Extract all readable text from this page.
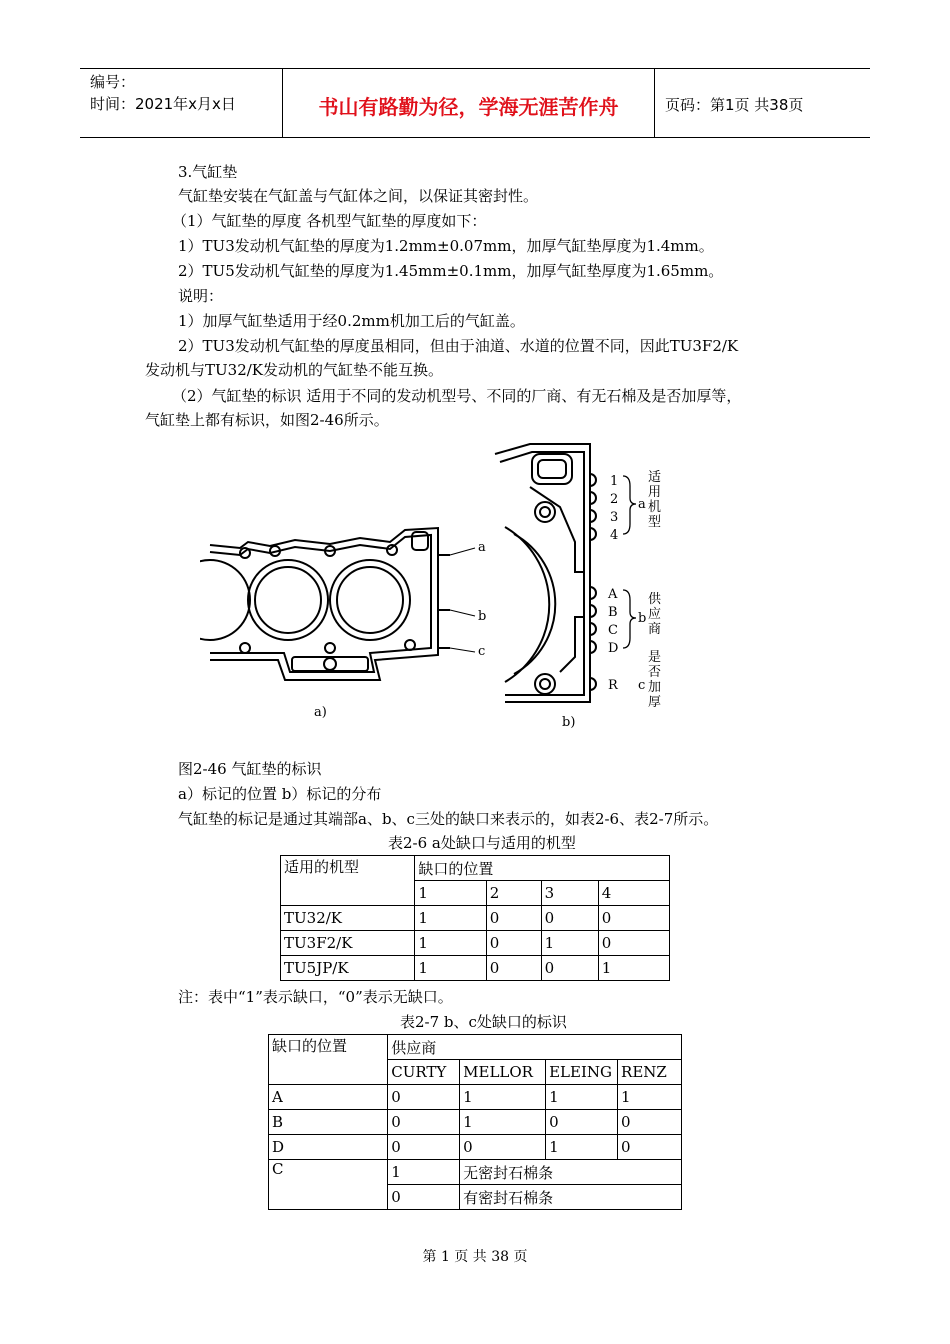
编号：
时间：2021年x月x日	书山有路勤为径，学海无涯苦作舟	页码：第1页 共38页
3.气缸垫
气缸垫安装在气缸盖与气缸体之间，以保证其密封性。
（1）气缸垫的厚度 各机型气缸垫的厚度如下：
1）TU3发动机气缸垫的厚度为1.2mm±0.07mm，加厚气缸垫厚度为1.4mm。
2）TU5发动机气缸垫的厚度为1.45mm±0.1mm，加厚气缸垫厚度为1.65mm。
说明：
1）加厚气缸垫适用于经0.2mm机加工后的气缸盖。
2）TU3发动机气缸垫的厚度虽相同，但由于油道、水道的位置不同，因此TU3F2/K
发动机与TU32/K发动机的气缸垫不能互换。
（2）气缸垫的标识 适用于不同的发动机型号、不同的厂商、有无石棉及是否加厚等，
气缸垫上都有标识，如图2-46所示。
a
b
c
a)
1
2
3
4
A
B
C
D
R
a
b
c
b)
适用机型
供应商
是否加厚
图2-46 气缸垫的标识
a）标记的位置 b）标记的分布
气缸垫的标记是通过其端部a、b、c三处的缺口来表示的，如表2-6、表2-7所示。
表2-6 a处缺口与适用的机型
适用的机型	缺口的位置			
	1	2	3	4
TU32/K	1	0	0	0
TU3F2/K	1	0	1	0
TU5JP/K	1	0	0	1
注：表中“1”表示缺口，“0”表示无缺口。
表2-7 b、c处缺口的标识
缺口的位置	供应商			
	CURTY	MELLOR	ELEING	RENZ
A	0	1	1	1
B	0	1	0	0
D	0	0	1	0
C	1	无密封石棉条		
	0	有密封石棉条		
第 1 页 共 38 页
